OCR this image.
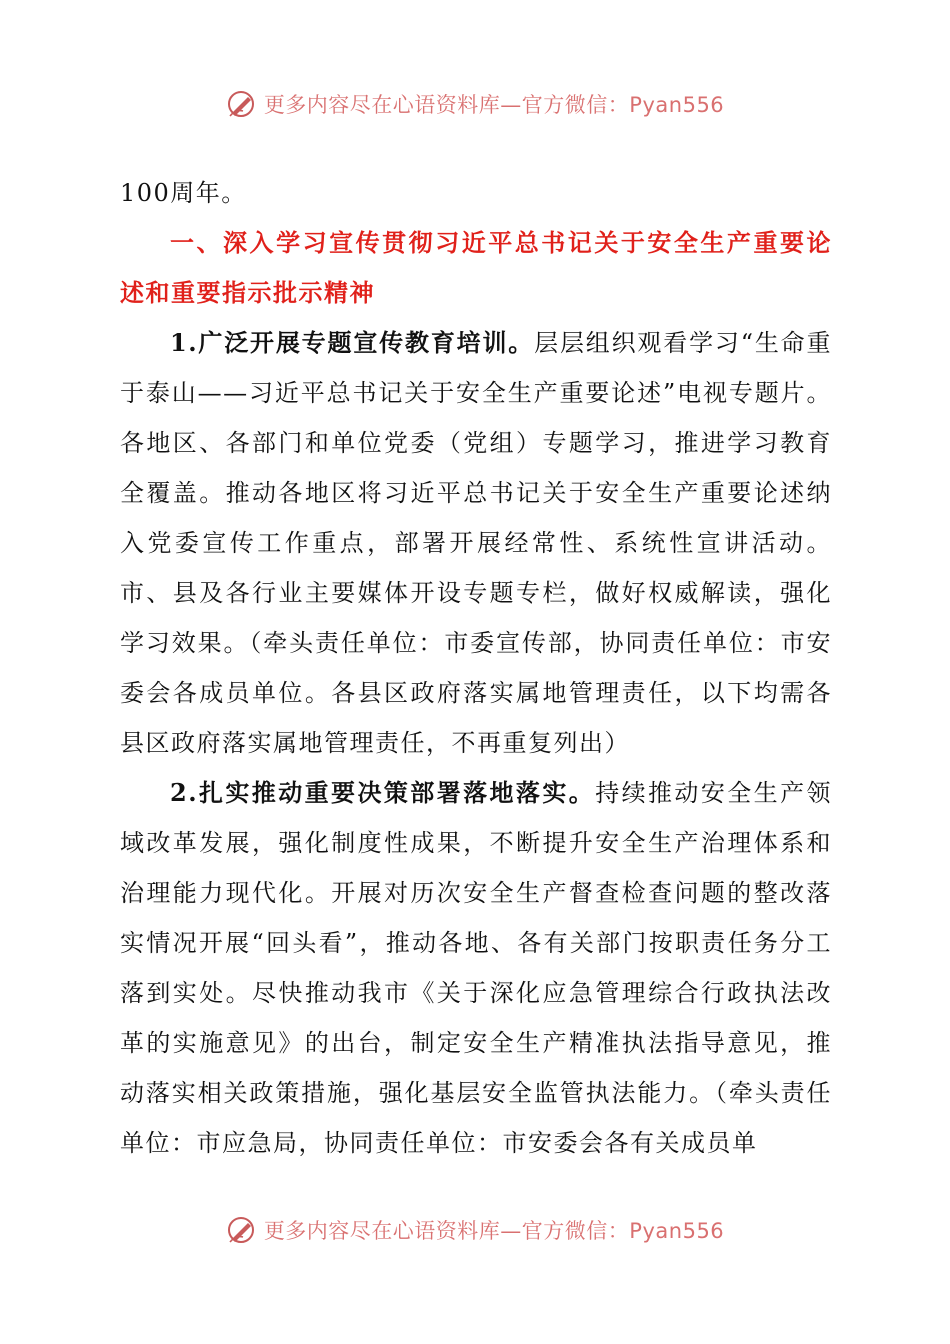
更多内容尽在心语资料库—官方微信：Pyan556

100周年。

一、深入学习宣传贯彻习近平总书记关于安全生产重要论述和重要指示批示精神

1.广泛开展专题宣传教育培训。层层组织观看学习“生命重于泰山——习近平总书记关于安全生产重要论述”电视专题片。各地区、各部门和单位党委（党组）专题学习，推进学习教育全覆盖。推动各地区将习近平总书记关于安全生产重要论述纳入党委宣传工作重点，部署开展经常性、系统性宣讲活动。市、县及各行业主要媒体开设专题专栏，做好权威解读，强化学习效果。（牵头责任单位：市委宣传部，协同责任单位：市安委会各成员单位。各县区政府落实属地管理责任，以下均需各县区政府落实属地管理责任，不再重复列出）

2.扎实推动重要决策部署落地落实。持续推动安全生产领域改革发展，强化制度性成果，不断提升安全生产治理体系和治理能力现代化。开展对历次安全生产督查检查问题的整改落实情况开展“回头看”，推动各地、各有关部门按职责任务分工落到实处。尽快推动我市《关于深化应急管理综合行政执法改革的实施意见》的出台，制定安全生产精准执法指导意见，推动落实相关政策措施，强化基层安全监管执法能力。（牵头责任单位：市应急局，协同责任单位：市安委会各有关成员单

更多内容尽在心语资料库—官方微信：Pyan556
